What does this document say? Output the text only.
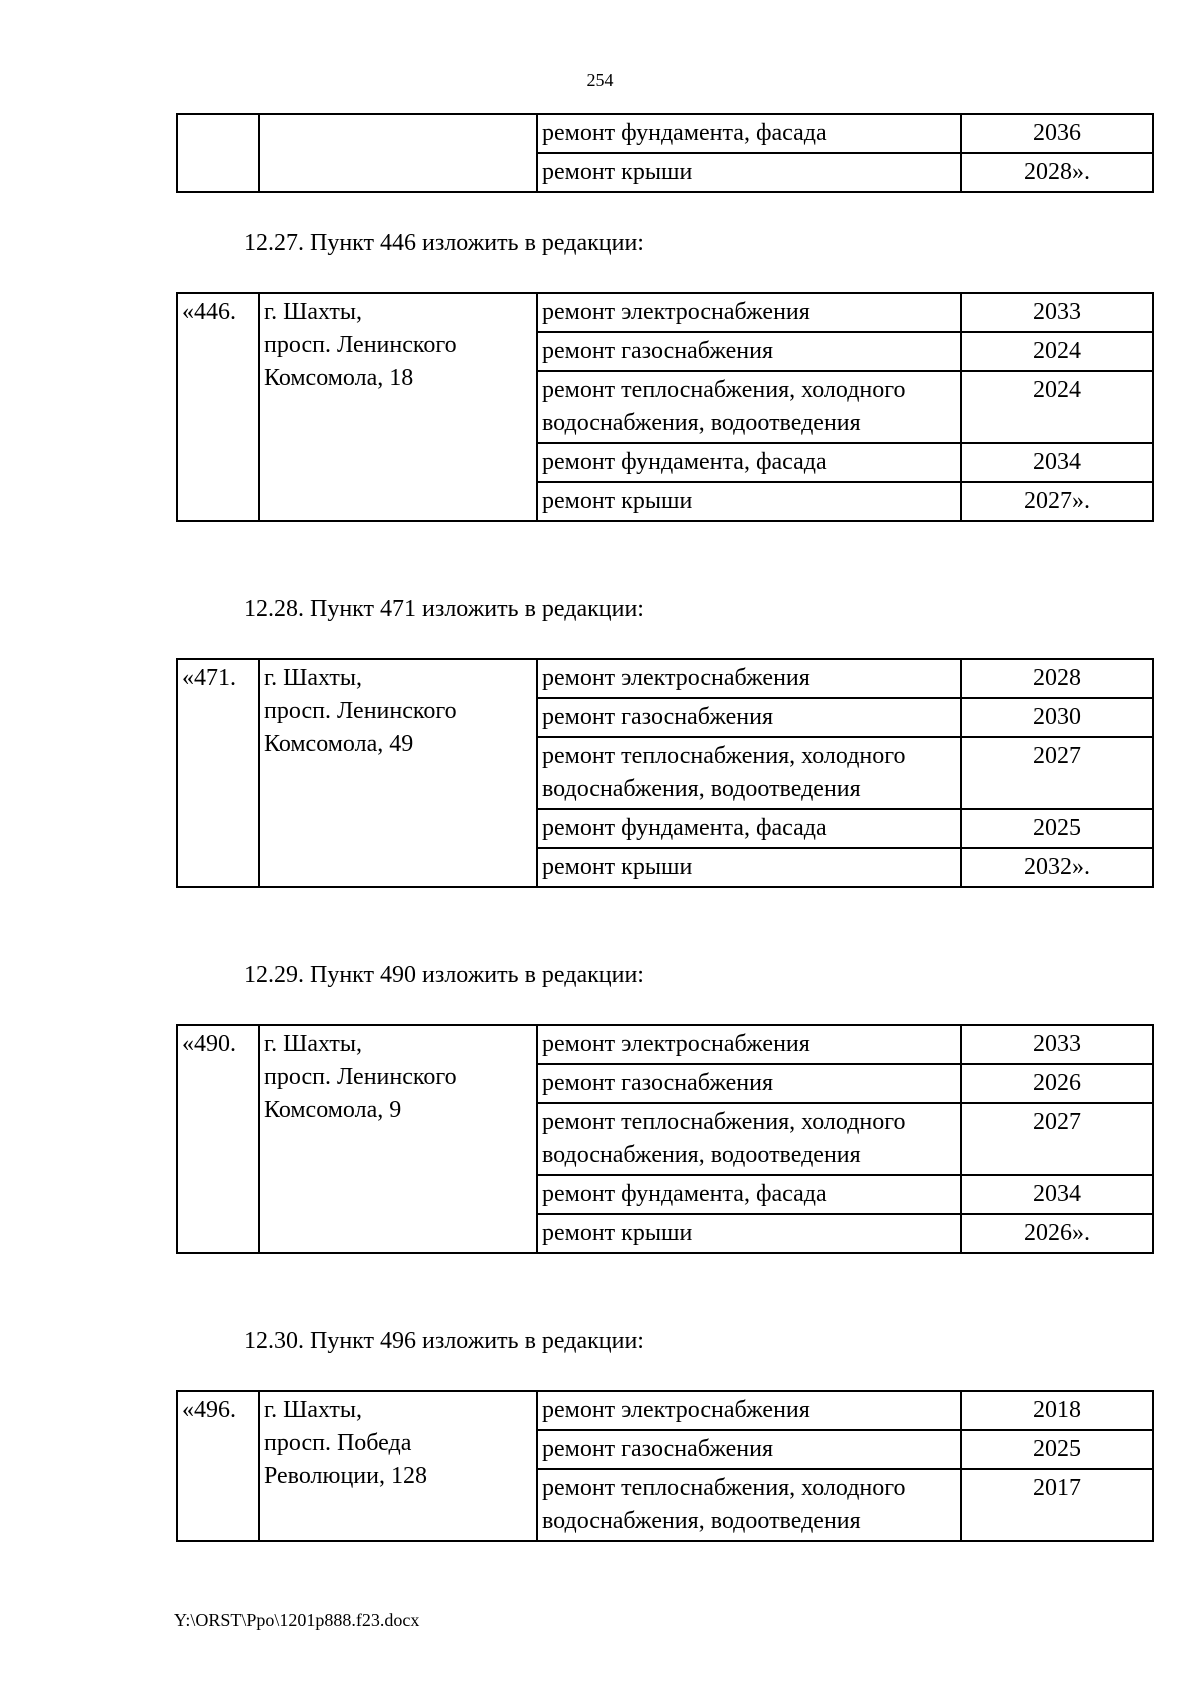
254
		ремонт фундамента, фасада	2036
		ремонт крыши	2028».
12.27. Пункт 446 изложить в редакции:
«446.	г. Шахты,
просп. Ленинского
Комсомола, 18	ремонт электроснабжения	2033
		ремонт газоснабжения	2024
		ремонт теплоснабжения, холодного водоснабжения, водоотведения	2024
		ремонт фундамента, фасада	2034
		ремонт крыши	2027».
12.28. Пункт 471 изложить в редакции:
«471.	г. Шахты,
просп. Ленинского
Комсомола, 49	ремонт электроснабжения	2028
		ремонт газоснабжения	2030
		ремонт теплоснабжения, холодного водоснабжения, водоотведения	2027
		ремонт фундамента, фасада	2025
		ремонт крыши	2032».
12.29. Пункт 490 изложить в редакции:
«490.	г. Шахты,
просп. Ленинского
Комсомола, 9	ремонт электроснабжения	2033
		ремонт газоснабжения	2026
		ремонт теплоснабжения, холодного водоснабжения, водоотведения	2027
		ремонт фундамента, фасада	2034
		ремонт крыши	2026».
12.30. Пункт 496 изложить в редакции:
«496.	г. Шахты,
просп. Победа
Революции, 128	ремонт электроснабжения	2018
		ремонт газоснабжения	2025
		ремонт теплоснабжения, холодного водоснабжения, водоотведения	2017
Y:\ORST\Ppo\1201p888.f23.docx
